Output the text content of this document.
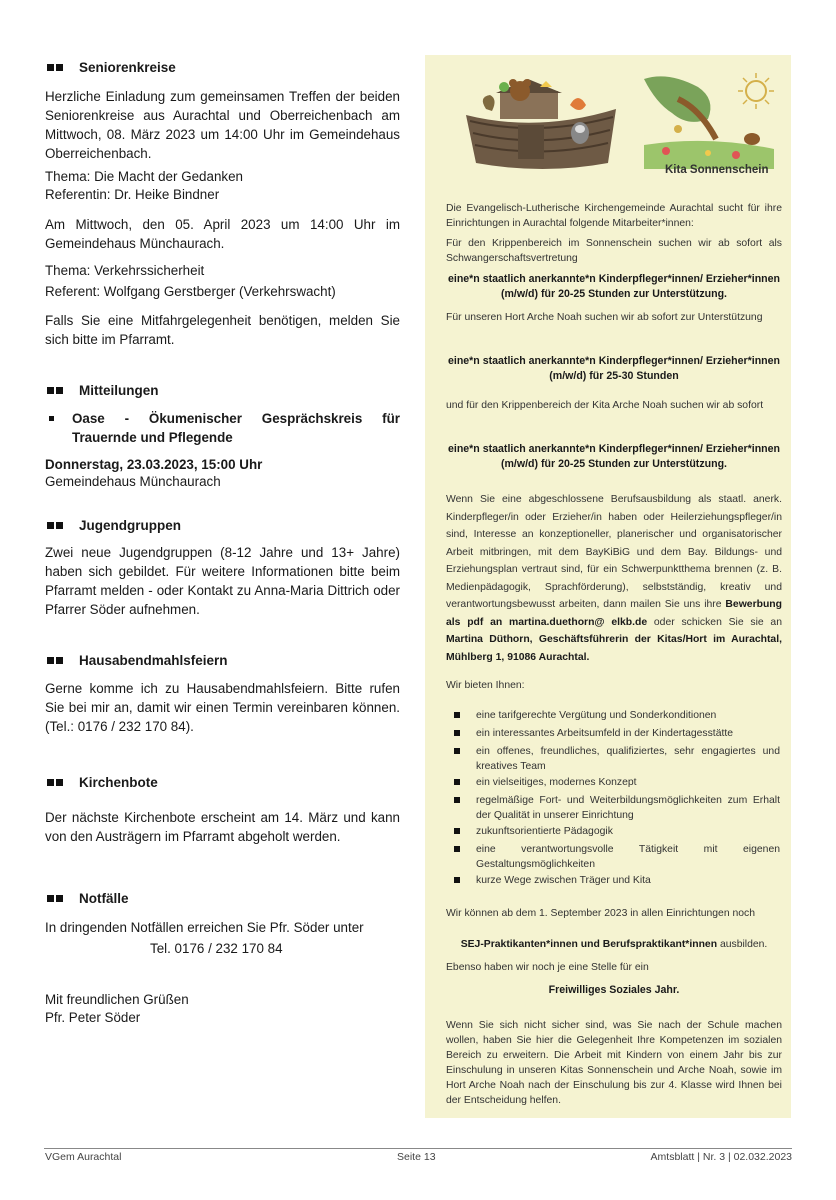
Seniorenkreise

Herzliche Einladung zum gemeinsamen Treffen der beiden Seniorenkreise aus Aurachtal und Oberreichenbach am Mittwoch, 08. März 2023 um 14:00 Uhr im Gemeindehaus Oberreichenbach.

Thema: Die Macht der Gedanken

Referentin: Dr. Heike Bindner

Am Mittwoch, den 05. April 2023 um 14:00 Uhr im Gemeindehaus Münchaurach.

Thema: Verkehrssicherheit

Referent: Wolfgang Gerstberger (Verkehrswacht)

Falls Sie eine Mitfahrgelegenheit benötigen, melden Sie sich bitte im Pfarramt.

Mitteilungen
Oase - Ökumenischer Gesprächskreis für Trauernde und Pflegende

Donnerstag, 23.03.2023, 15:00 Uhr

Gemeindehaus Münchaurach

Jugendgruppen

Zwei neue Jugendgruppen (8-12 Jahre und 13+ Jahre) haben sich gebildet. Für weitere Informationen bitte beim Pfarramt melden - oder Kontakt zu Anna-Maria Dittrich oder Pfarrer Söder aufnehmen.

Hausabendmahlsfeiern

Gerne komme ich zu Hausabendmahlsfeiern. Bitte rufen Sie bei mir an, damit wir einen Termin vereinbaren können. (Tel.: 0176 / 232 170 84).

Kirchenbote

Der nächste Kirchenbote erscheint am 14. März und kann von den Austrägern im Pfarramt abgeholt werden.

Notfälle

In dringenden Notfällen erreichen Sie Pfr. Söder unter

Tel. 0176 / 232 170 84

Mit freundlichen Grüßen

Pfr. Peter Söder

Kita Sonnenschein
Die Evangelisch-Lutherische Kirchengemeinde Aurachtal sucht für ihre Einrichtungen in Aurachtal folgende Mitarbeiter*innen:
Für den Krippenbereich im Sonnenschein suchen wir ab sofort als Schwangerschaftsvertretung
eine*n staatlich anerkannte*n Kinderpfleger*innen/ Erzieher*innen (m/w/d) für 20-25 Stunden zur Unterstützung.
Für unseren Hort Arche Noah suchen wir ab sofort zur Unterstützung
eine*n staatlich anerkannte*n Kinderpfleger*innen/ Erzieher*innen (m/w/d) für 25-30 Stunden
und für den Krippenbereich der Kita Arche Noah suchen wir ab sofort
eine*n staatlich anerkannte*n Kinderpfleger*innen/ Erzieher*innen (m/w/d) für 20-25 Stunden zur Unterstützung.
Wenn Sie eine abgeschlossene Berufsausbildung als staatl. anerk. Kinderpfleger/in oder Erzieher/in haben oder Heilerziehungspfleger/in sind, Interesse an konzeptioneller, planerischer und organisatorischer Arbeit mitbringen, mit dem BayKiBiG und dem Bay. Bildungs- und Erziehungsplan vertraut sind, für ein Schwerpunktthema brennen (z. B. Medienpädagogik, Sprachförderung), selbstständig, kreativ und verantwortungsbewusst arbeiten, dann mailen Sie uns ihre Bewerbung als pdf an martina.duethorn@ elkb.de oder schicken Sie sie an Martina Düthorn, Geschäftsführerin der Kitas/Hort im Aurachtal, Mühlberg 1, 91086 Aurachtal.
Wir bieten Ihnen:
eine tarifgerechte Vergütung und Sonderkonditionen
ein interessantes Arbeitsumfeld in der Kindertagesstätte
ein offenes, freundliches, qualifiziertes, sehr engagiertes und kreatives Team
ein vielseitiges, modernes Konzept
regelmäßige Fort- und Weiterbildungsmöglichkeiten zum Erhalt der Qualität in unserer Einrichtung
zukunftsorientierte Pädagogik
eine verantwortungsvolle Tätigkeit mit eigenen Gestaltungsmöglichkeiten
kurze Wege zwischen Träger und Kita
Wir können ab dem 1. September 2023 in allen Einrichtungen noch
SEJ-Praktikanten*innen und Berufspraktikant*innen ausbilden.
Ebenso haben wir noch je eine Stelle für ein
Freiwilliges Soziales Jahr.
Wenn Sie sich nicht sicher sind, was Sie nach der Schule machen wollen, haben Sie hier die Gelegenheit Ihre Kompetenzen im sozialen Bereich zu erweitern. Die Arbeit mit Kindern von einem Jahr bis zur Einschulung in unseren Kitas Sonnenschein und Arche Noah, sowie im Hort Arche Noah nach der Einschulung bis zur 4. Klasse wird Ihnen bei der Entscheidung helfen.
VGem Aurachtal	Seite 13	Amtsblatt | Nr. 3 | 02.032.2023
